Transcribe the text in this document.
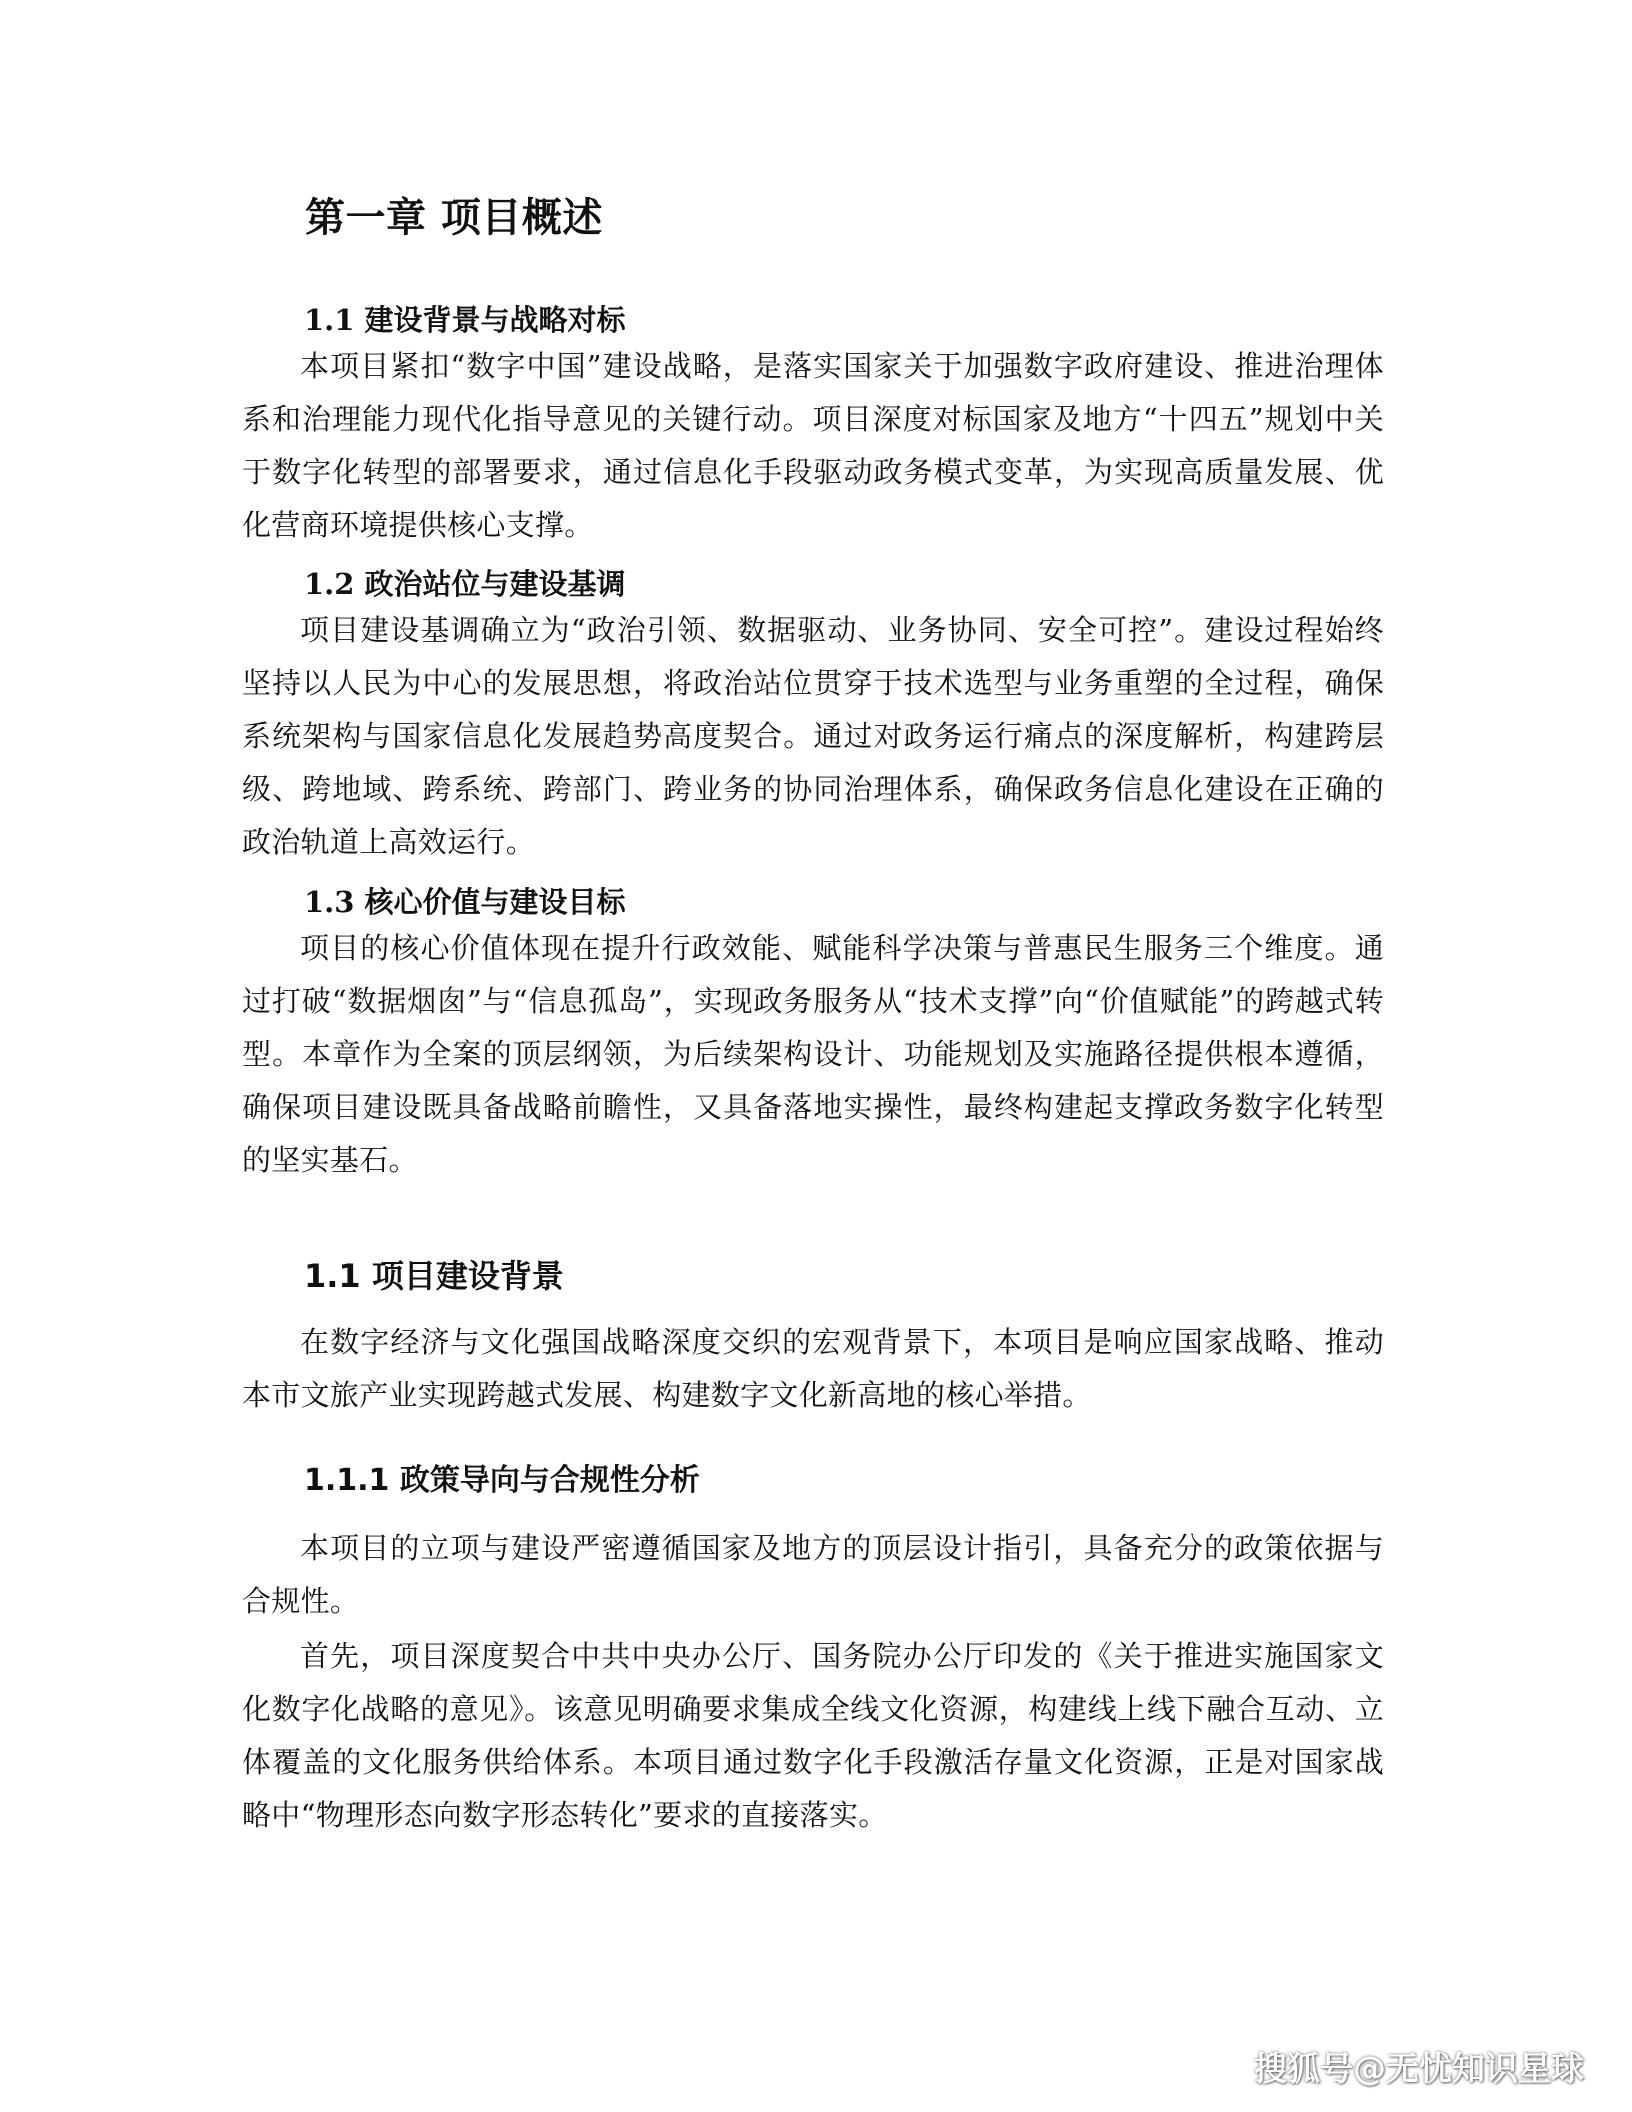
第一章 项目概述
1.1 建设背景与战略对标

本项目紧扣“数字中国”建设战略，是落实国家关于加强数字政府建设、推进治理体系和治理能力现代化指导意见的关键行动。项目深度对标国家及地方“十四五”规划中关于数字化转型的部署要求，通过信息化手段驱动政务模式变革，为实现高质量发展、优化营商环境提供核心支撑。

1.2 政治站位与建设基调

项目建设基调确立为“政治引领、数据驱动、业务协同、安全可控”。建设过程始终坚持以人民为中心的发展思想，将政治站位贯穿于技术选型与业务重塑的全过程，确保系统架构与国家信息化发展趋势高度契合。通过对政务运行痛点的深度解析，构建跨层级、跨地域、跨系统、跨部门、跨业务的协同治理体系，确保政务信息化建设在正确的政治轨道上高效运行。

1.3 核心价值与建设目标

项目的核心价值体现在提升行政效能、赋能科学决策与普惠民生服务三个维度。通过打破“数据烟囱”与“信息孤岛”，实现政务服务从“技术支撑”向“价值赋能”的跨越式转型。本章作为全案的顶层纲领，为后续架构设计、功能规划及实施路径提供根本遵循，确保项目建设既具备战略前瞻性，又具备落地实操性，最终构建起支撑政务数字化转型的坚实基石。

1.1 项目建设背景

在数字经济与文化强国战略深度交织的宏观背景下，本项目是响应国家战略、推动本市文旅产业实现跨越式发展、构建数字文化新高地的核心举措。

1.1.1 政策导向与合规性分析

本项目的立项与建设严密遵循国家及地方的顶层设计指引，具备充分的政策依据与合规性。

首先，项目深度契合中共中央办公厅、国务院办公厅印发的《关于推进实施国家文化数字化战略的意见》。该意见明确要求集成全线文化资源，构建线上线下融合互动、立体覆盖的文化服务供给体系。本项目通过数字化手段激活存量文化资源，正是对国家战略中“物理形态向数字形态转化”要求的直接落实。

搜狐号@无忧知识星球
